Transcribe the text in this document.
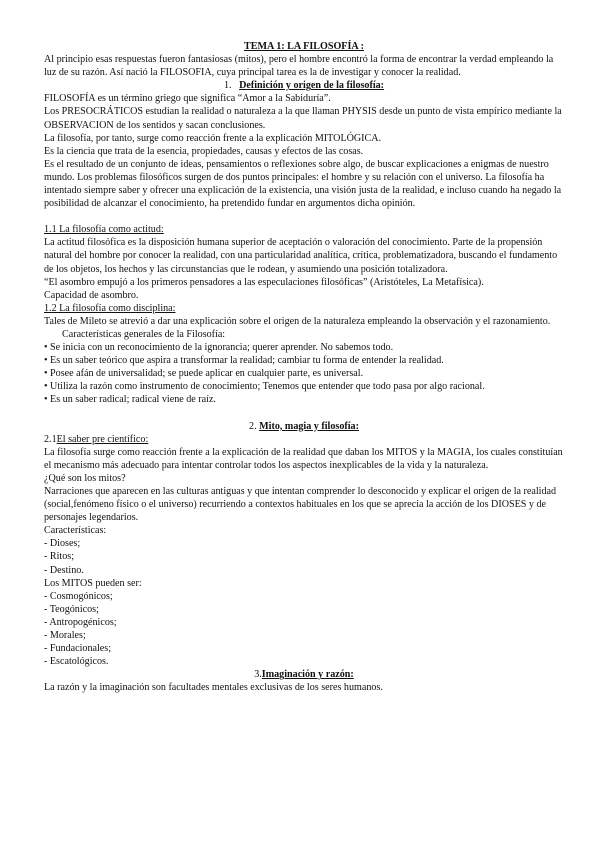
TEMA 1: LA FILOSOFÍA :

Al principio esas respuestas fueron fantasiosas (mitos), pero el hombre encontró la forma de encontrar la verdad empleando la luz de su razón. Así nació la FILOSOFIA, cuya principal tarea es la de investigar y conocer la realidad.

1. Definición y origen de la filosofía:

FILOSOFÍA es un término griego que significa “Amor a la Sabiduría”.

Los PRESOCRÁTICOS estudian la realidad o naturaleza a la que llaman PHYSIS desde un punto de vista empírico mediante la OBSERVACION de los sentidos y sacan conclusiones.

La filosofía, por tanto, surge como reacción frente a la explicación MITOLÓGICA.

Es la ciencia que trata de la esencia, propiedades, causas y efectos de las cosas.

Es el resultado de un conjunto de ideas, pensamientos o reflexiones sobre algo, de buscar explicaciones a enigmas de nuestro mundo. Los problemas filosóficos surgen de dos puntos principales: el hombre y su relación con el universo. La filosofía ha intentado siempre saber y ofrecer una explicación de la existencia, una visión justa de la realidad, e incluso cuando ha negado la posibilidad de alcanzar el conocimiento, ha pretendido fundar en argumentos dicha opinión.

1.1 La filosofía como actitud:

La actitud filosófica es la disposición humana superior de aceptación o valoración del conocimiento. Parte de la propensión natural del hombre por conocer la realidad, con una particularidad analítica, crítica, problematizadora, buscando el fundamento de los objetos, los hechos y las circunstancias que le rodean, y asumiendo una posición totalizadora.

“El asombro empujó a los primeros pensadores a las especulaciones filosóficas” (Aristóteles, La Metafísica).

Capacidad de asombro.

1.2 La filosofía como disciplina:

Tales de Mileto se atrevió a dar una explicación sobre el origen de la naturaleza empleando la observación y el razonamiento.

Características generales de la Filosofía:

• Se inicia con un reconocimiento de la ignorancia; querer aprender. No sabemos todo.

• Es un saber teórico que aspira a transformar la realidad; cambiar tu forma de entender la realidad.

• Posee afán de universalidad; se puede aplicar en cualquier parte, es universal.

• Utiliza la razón como instrumento de conocimiento; Tenemos que entender que todo pasa por algo racional.

• Es un saber radical; radical viene de raíz.

2. Mito, magia y filosofía:

2.1El saber pre científico:

La filosofía surge como reacción frente a la explicación de la realidad que daban los MITOS y la MAGIA, los cuales constituían el mecanismo más adecuado para intentar controlar todos los aspectos inexplicables de la vida y la naturaleza.

¿Qué son los mitos?

Narraciones que aparecen en las culturas antiguas y que intentan comprender lo desconocido y explicar el origen de la realidad (social,fenómeno físico o el universo) recurriendo a contextos habituales en los que se aprecia la acción de los DIOSES y de personajes legendarios.

Características:

- Dioses;

- Ritos;

- Destino.

Los MITOS pueden ser:

- Cosmogónicos;

- Teogónicos;

- Antropogénicos;

- Morales;

- Fundacionales;

- Escatológicos.

3.Imaginación y razón:

La razón y la imaginación son facultades mentales exclusivas de los seres humanos.
